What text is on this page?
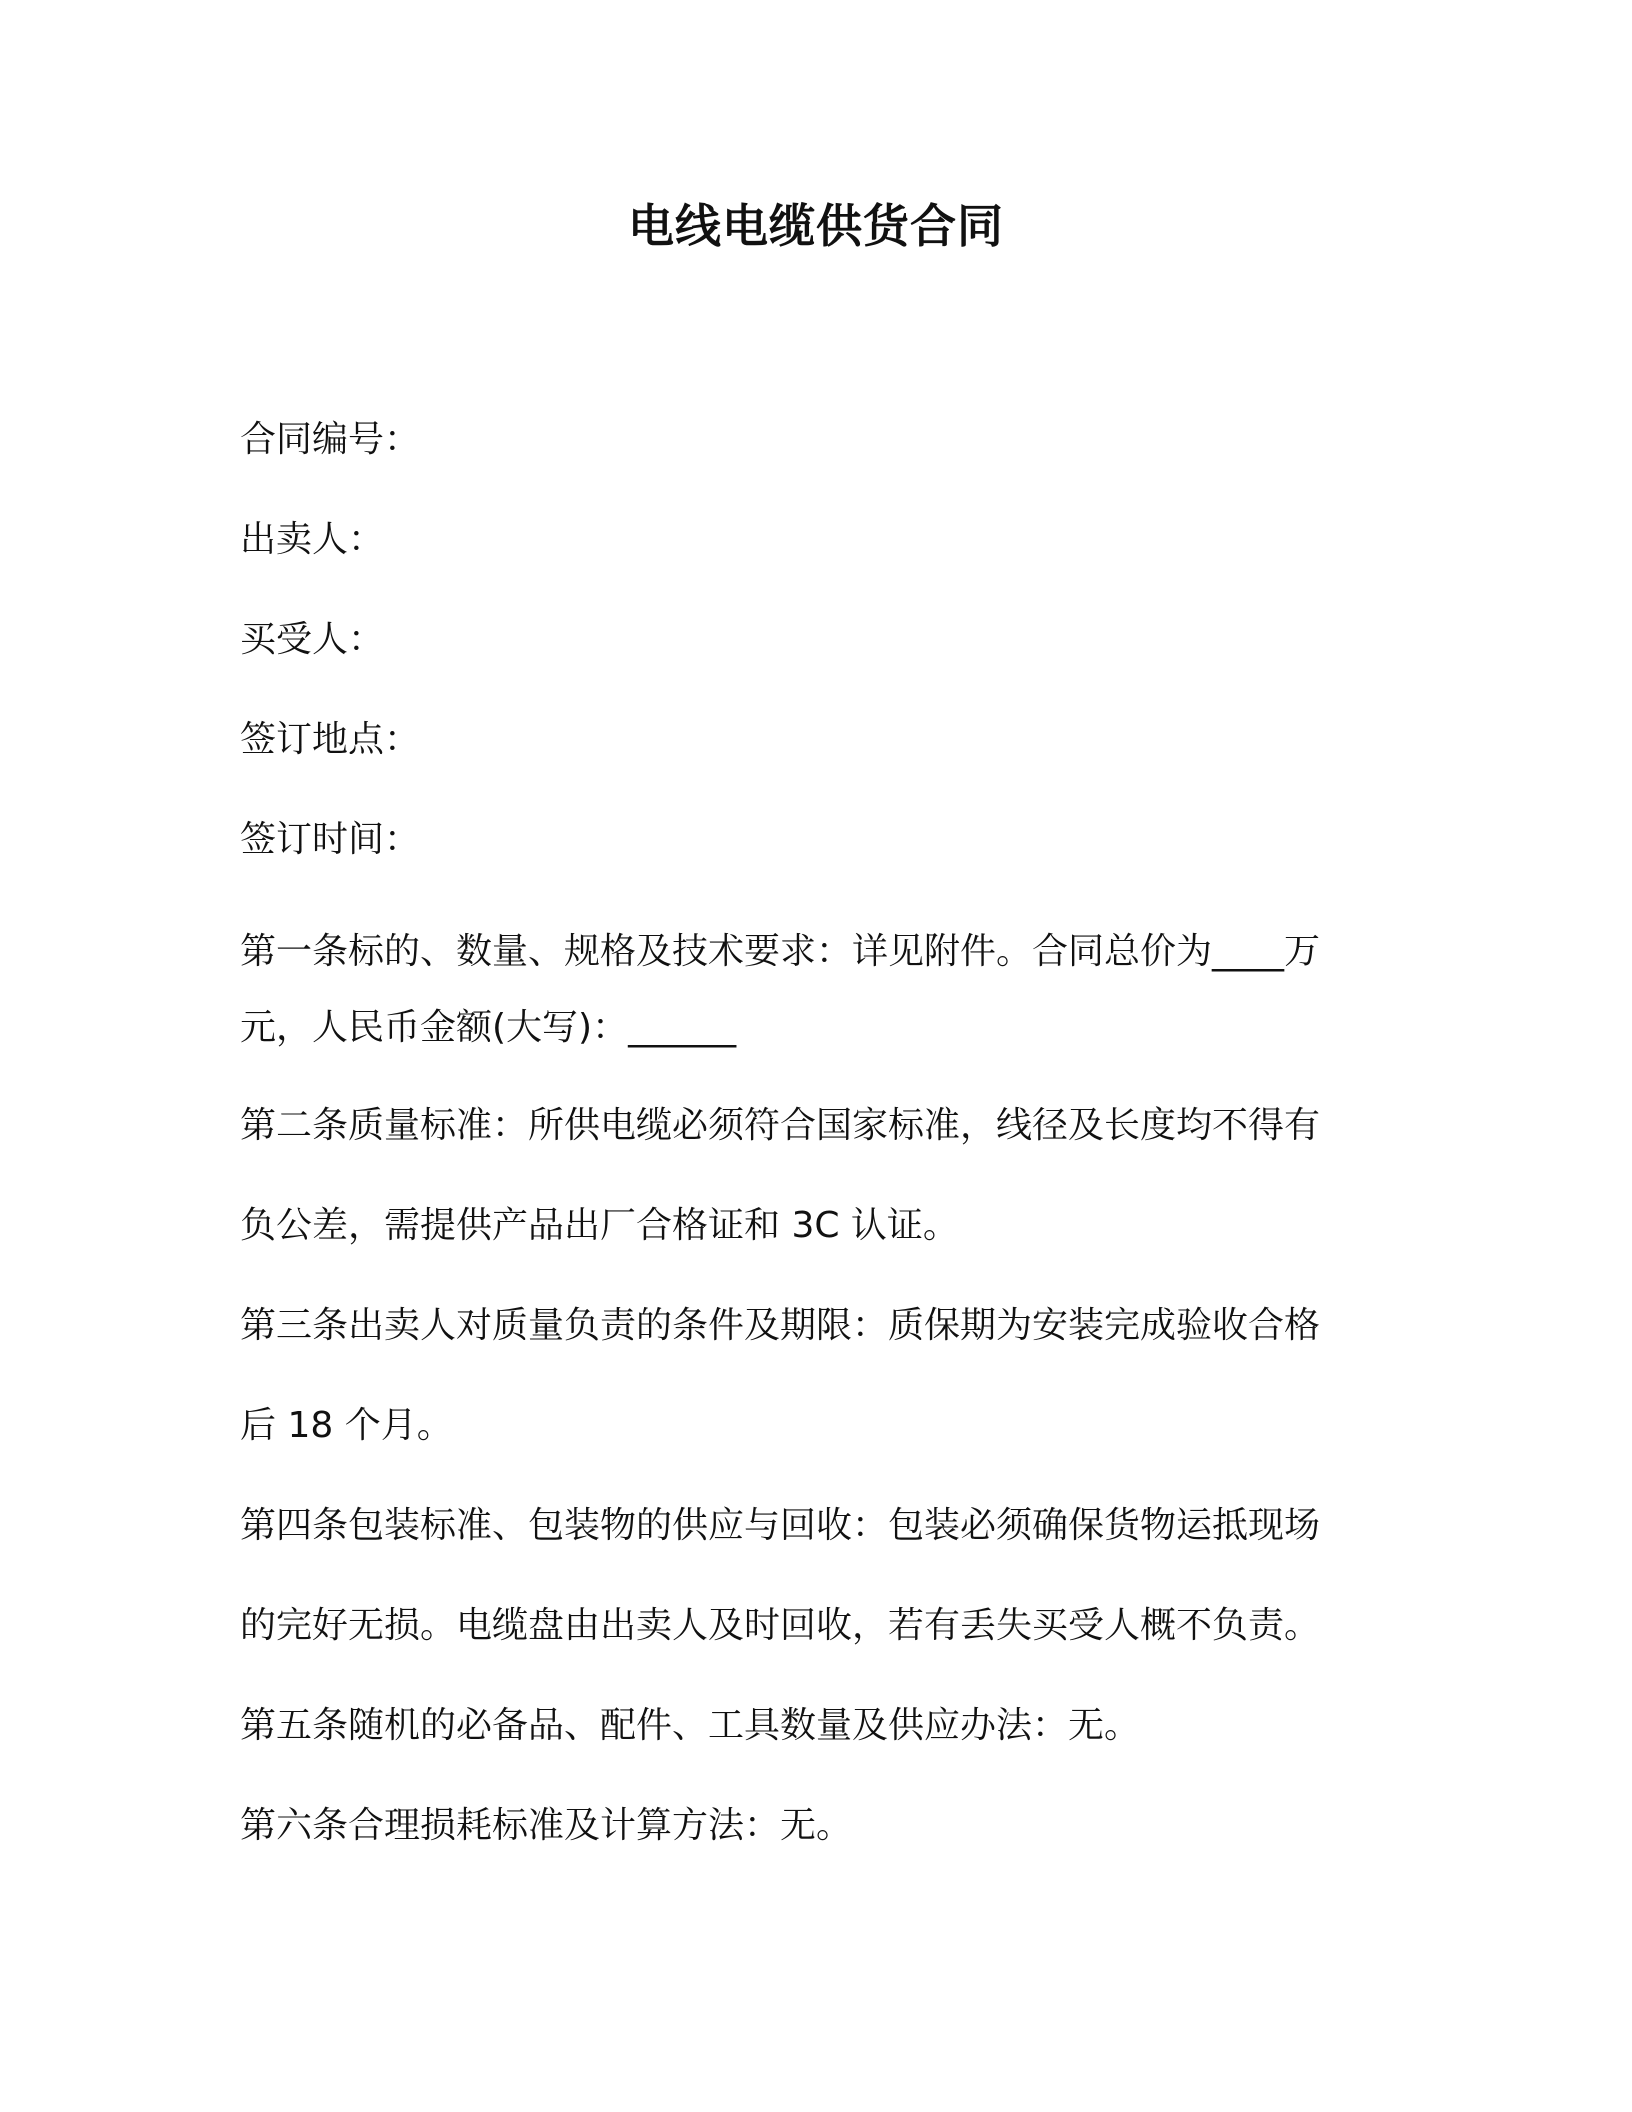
电线电缆供货合同
合同编号：
出卖人：
买受人：
签订地点：
签订时间：
第一条标的、数量、规格及技术要求：详见附件。合同总价为____万
元，人民币金额(大写)：______
第二条质量标准：所供电缆必须符合国家标准，线径及长度均不得有
负公差，需提供产品出厂合格证和 3C 认证。
第三条出卖人对质量负责的条件及期限：质保期为安装完成验收合格
后 18 个月。
第四条包装标准、包装物的供应与回收：包装必须确保货物运抵现场
的完好无损。电缆盘由出卖人及时回收，若有丢失买受人概不负责。
第五条随机的必备品、配件、工具数量及供应办法：无。
第六条合理损耗标准及计算方法：无。
